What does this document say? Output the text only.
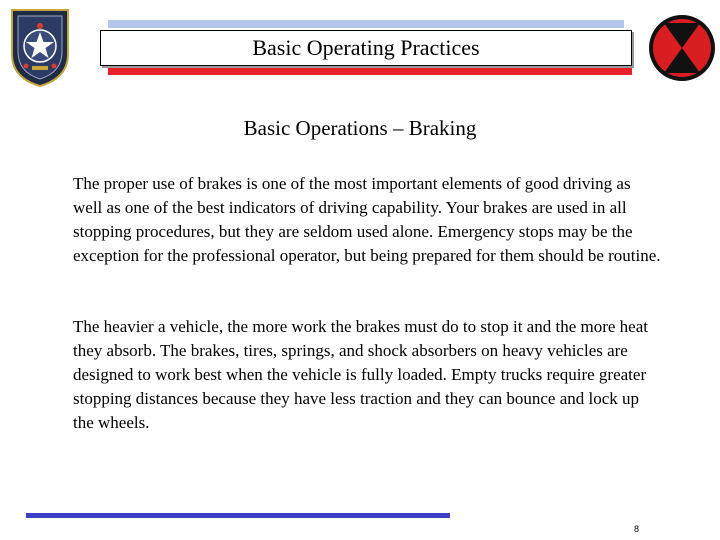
Basic Operating Practices
Basic Operations – Braking

The proper use of brakes is one of the most important elements of good driving as well as one of the best indicators of driving capability. Your brakes are used in all stopping procedures, but they are seldom used alone. Emergency stops may be the exception for the professional operator, but being prepared for them should be routine.

The heavier a vehicle, the more work the brakes must do to stop it and the more heat they absorb. The brakes, tires, springs, and shock absorbers on heavy vehicles are designed to work best when the vehicle is fully loaded. Empty trucks require greater stopping distances because they have less traction and they can bounce and lock up the wheels.

8
